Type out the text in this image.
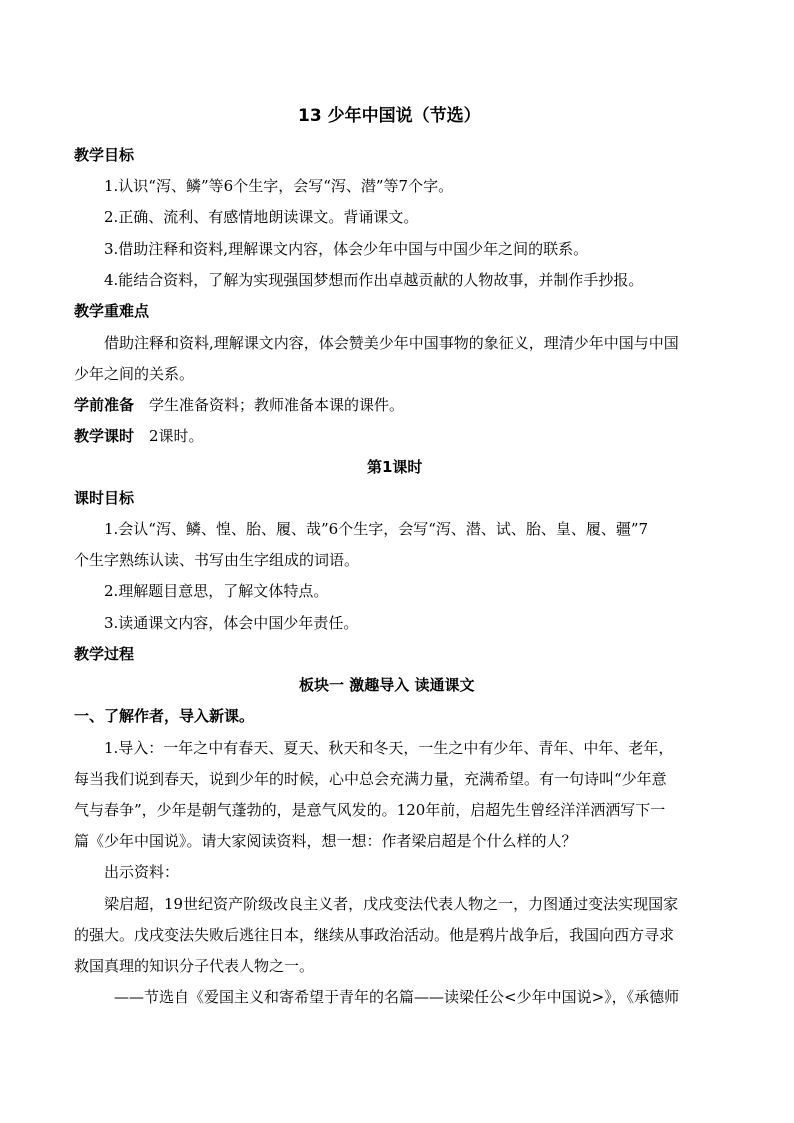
13 少年中国说（节选）
教学目标
1.认识“泻、鳞”等6个生字，会写“泻、潜”等7个字。
2.正确、流利、有感情地朗读课文。背诵课文。
3.借助注释和资料,理解课文内容，体会少年中国与中国少年之间的联系。
4.能结合资料，了解为实现强国梦想而作出卓越贡献的人物故事，并制作手抄报。
教学重难点
借助注释和资料,理解课文内容，体会赞美少年中国事物的象征义，理清少年中国与中国
少年之间的关系。
学前准备 学生准备资料；教师准备本课的课件。
教学课时 2课时。
第1课时
课时目标
1.会认“泻、鳞、惶、胎、履、哉”6个生字，会写“泻、潜、试、胎、皇、履、疆”7
个生字熟练认读、书写由生字组成的词语。
2.理解题目意思，了解文体特点。
3.读通课文内容，体会中国少年责任。
教学过程
板块一 激趣导入 读通课文
一、了解作者，导入新课。
1.导入：一年之中有春天、夏天、秋天和冬天，一生之中有少年、青年、中年、老年，
每当我们说到春天，说到少年的时候，心中总会充满力量，充满希望。有一句诗叫“少年意
气与春争”，少年是朝气蓬勃的，是意气风发的。120年前，启超先生曾经洋洋洒洒写下一
篇《少年中国说》。请大家阅读资料，想一想：作者梁启超是个什么样的人？
出示资料：
梁启超，19世纪资产阶级改良主义者，戊戌变法代表人物之一，力图通过变法实现国家
的强大。戊戌变法失败后逃往日本，继续从事政治活动。他是鸦片战争后，我国向西方寻求
救国真理的知识分子代表人物之一。
——节选自《爱国主义和寄希望于青年的名篇——读梁任公<少年中国说>》，《承德师
